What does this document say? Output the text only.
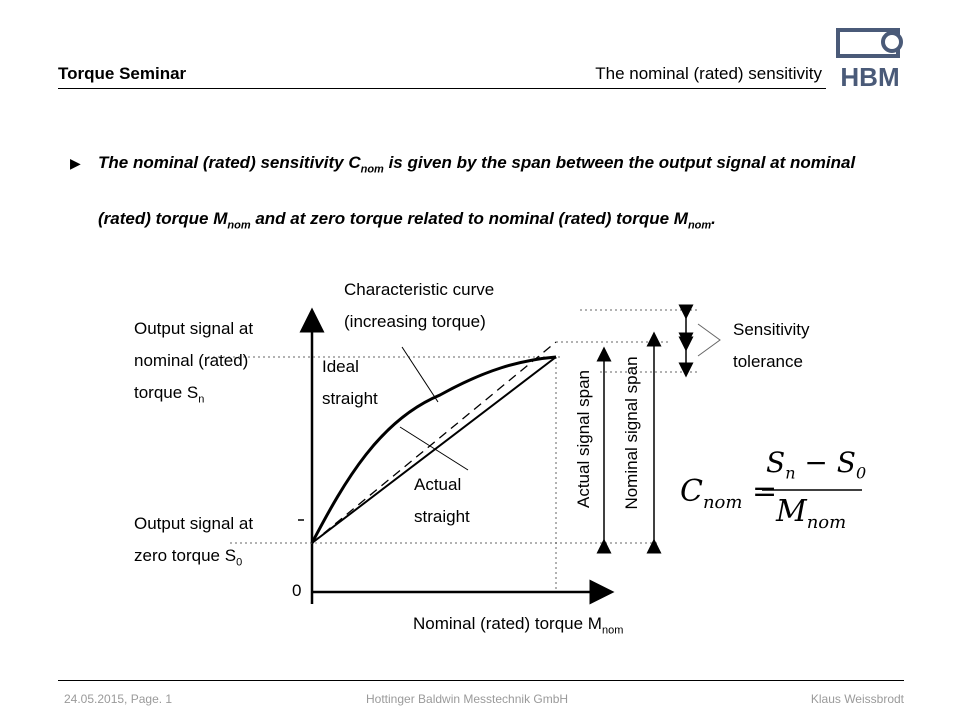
Torque Seminar	The nominal (rated) sensitivity HBM
▶ The nominal (rated) sensitivity $C_{nom}$ is given by the span between the output signal at nominal (rated) torque $M_{nom}$ and at zero torque related to nominal (rated) torque $M_{nom}$.
Characteristic curve
(increasing torque)
Output signal at
nominal (rated)
torque $S_n$
Ideal
straight
Actual
straight
Output signal at
zero torque $S_0$
0
Nominal (rated) torque $M_{nom}$
Sensitivity
tolerance
Actual signal span	Nominal signal span $C_{nom}$ =
$S_n - S_0$
$M_{nom}$
24.05.2015, Page. 1	Hottinger Baldwin Messtechnik GmbH	Klaus Weissbrodt
